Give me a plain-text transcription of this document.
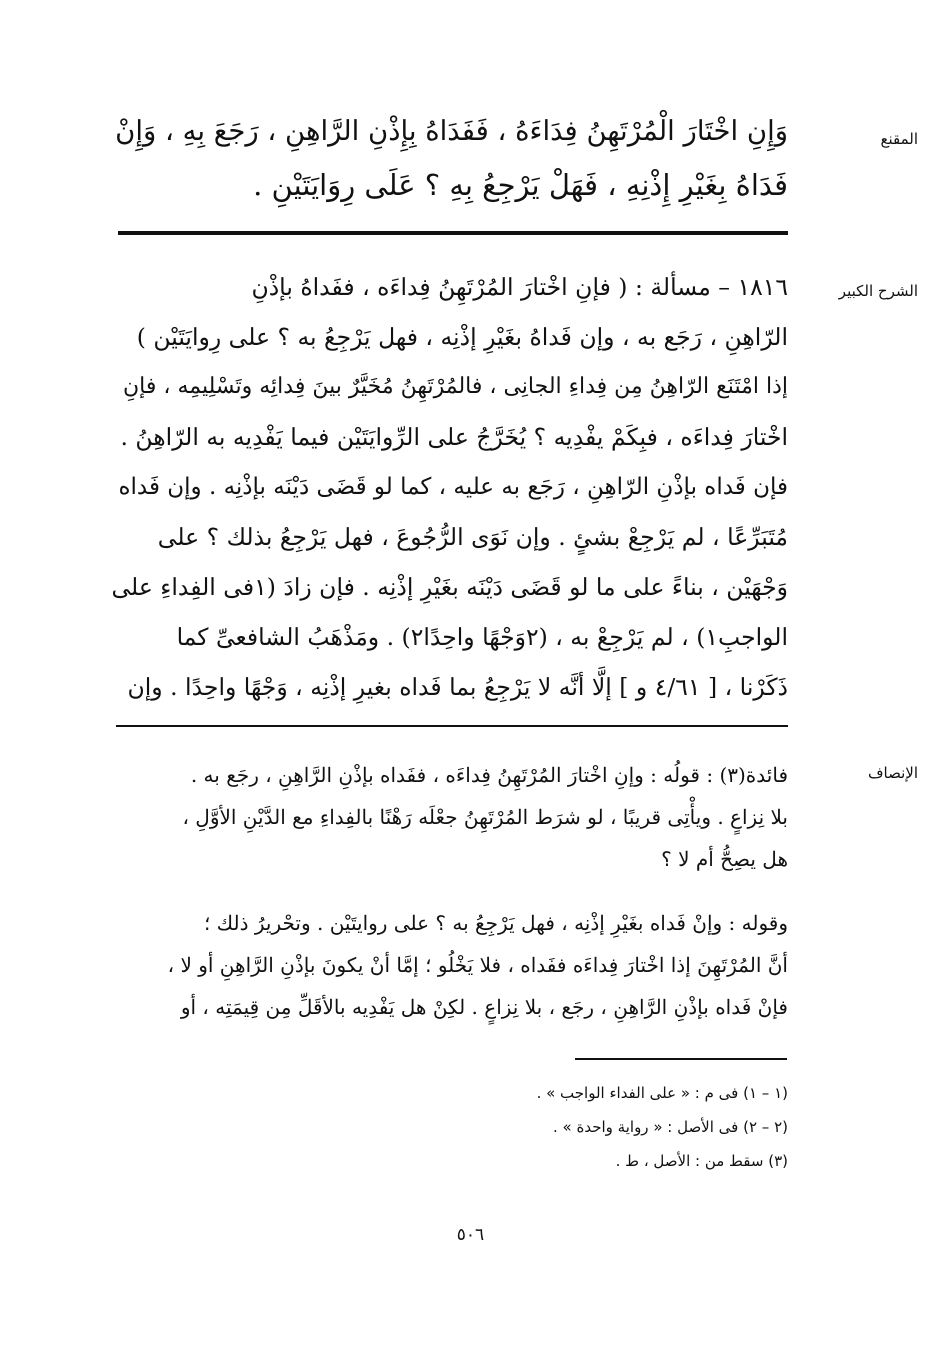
المقنع
الشرح الكبير
الإنصاف
وَإِنِ اخْتَارَ الْمُرْتَهِنُ فِدَاءَهُ ، فَفَدَاهُ بِإِذْنِ الرَّاهِنِ ، رَجَعَ بِهِ ، وَإِنْ
فَدَاهُ بِغَيْرِ إِذْنِهِ ، فَهَلْ يَرْجِعُ بِهِ ؟ عَلَى رِوَايَتَيْنِ .
١٨١٦ – مسألة : ( فإنِ اخْتارَ المُرْتَهِنُ فِداءَه ، ففَداهُ بإذْنِ
الرّاهِنِ ، رَجَع به ، وإن فَداهُ بغَيْرِ إذْنِه ، فهل يَرْجِعُ به ؟ على رِوايَتَيْن )
إذا امْتَنَع الرّاهِنُ مِن فِداءِ الجانِى ، فالمُرْتَهِنُ مُخَيَّرٌ بينَ فِدائِه وتَسْلِيمِه ، فإنِ
اخْتارَ فِداءَه ، فبِكَمْ يفْدِيه ؟ يُخَرَّجُ على الرِّوايَتَيْن فيما يَفْدِيه به الرّاهِنُ .
فإن فَداه بإذْنِ الرّاهِنِ ، رَجَع به عليه ، كما لو قَضَى دَيْنَه بإذْنِه . وإن فَداه
مُتَبَرِّعًا ، لم يَرْجِعْ بشئٍ . وإن نَوَى الرُّجُوعَ ، فهل يَرْجِعُ بذلك ؟ على
وَجْهَيْن ، بناءً على ما لو قَضَى دَيْنَه بغَيْرِ إذْنِه . فإن زادَ (١فى الفِداءِ على
الواجبِ١) ، لم يَرْجِعْ به ، (٢وَجْهًا واحِدًا٢) . ومَذْهَبُ الشافعىِّ كما
ذَكَرْنا ، [ ٤/٦١ و ] إلَّا أنَّه لا يَرْجِعُ بما فَداه بغيرِ إذْنِه ، وَجْهًا واحِدًا . وإن
فائدة(٣) : قولُه : وإنِ اخْتارَ المُرْتَهِنُ فِداءَه ، ففَداه بإذْنِ الرَّاهِنِ ، رجَع به .
بلا نِزاعٍ . ويأْتِى قريبًا ، لو شرَط المُرْتَهِنُ جعْلَه رَهْنًا بالفِداءِ مع الدَّيْنِ الأوَّلِ ،
هل يصِحُّ أم لا ؟
وقوله : وإنْ فَداه بغَيْرِ إذْنِه ، فهل يَرْجِعُ به ؟ على روايتَيْن . وتحْريرُ ذلك ؛
أنَّ المُرْتَهِنَ إذا اخْتارَ فِداءَه ففَداه ، فلا يَخْلُو ؛ إمَّا أنْ يكونَ بإذْنِ الرَّاهِنِ أو لا ،
فإنْ فَداه بإذْنِ الرَّاهِنِ ، رجَع ، بلا نِزاعٍ . لكِنْ هل يَفْدِيه بالأقَلِّ مِن قِيمَتِه ، أو
(١ – ١) فى م : « على الفداء الواجب » .
(٢ – ٢) فى الأصل : « رواية واحدة » .
(٣) سقط من : الأصل ، ط .
٥٠٦
